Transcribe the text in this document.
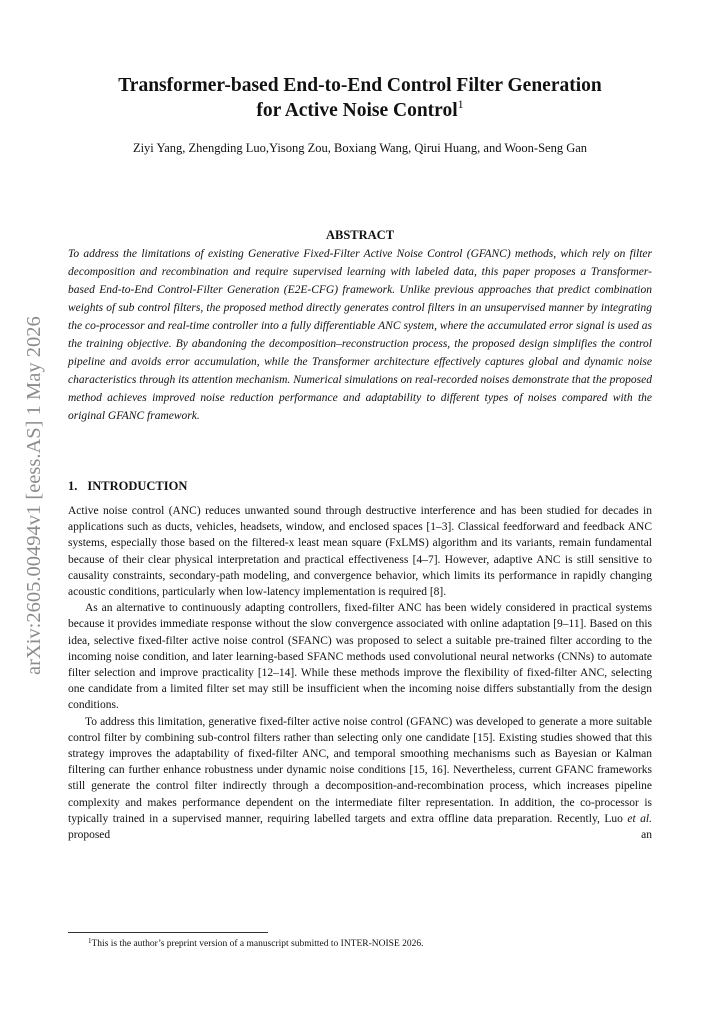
arXiv:2605.00494v1 [eess.AS] 1 May 2026
Transformer-based End-to-End Control Filter Generation
for Active Noise Control$^1$
Ziyi Yang, Zhengding Luo,Yisong Zou, Boxiang Wang, Qirui Huang, and Woon-Seng Gan
ABSTRACT

To address the limitations of existing Generative Fixed-Filter Active Noise Control (GFANC) methods, which rely on filter decomposition and recombination and require supervised learning with labeled data, this paper proposes a Transformer-based End-to-End Control-Filter Generation (E2E-CFG) framework. Unlike previous approaches that predict combination weights of sub control filters, the proposed method directly generates control filters in an unsupervised manner by integrating the co-processor and real-time controller into a fully differentiable ANC system, where the accumulated error signal is used as the training objective. By abandoning the decomposition–reconstruction process, the proposed design simplifies the control pipeline and avoids error accumulation, while the Transformer architecture effectively captures global and dynamic noise characteristics through its attention mechanism. Numerical simulations on real-recorded noises demonstrate that the proposed method achieves improved noise reduction performance and adaptability to different types of noises compared with the original GFANC framework.

1. INTRODUCTION

Active noise control (ANC) reduces unwanted sound through destructive interference and has been studied for decades in applications such as ducts, vehicles, headsets, window, and enclosed spaces [1–3]. Classical feedforward and feedback ANC systems, especially those based on the filtered-x least mean square (FxLMS) algorithm and its variants, remain fundamental because of their clear physical interpretation and practical effectiveness [4–7]. However, adaptive ANC is still sensitive to causality constraints, secondary-path modeling, and convergence behavior, which limits its performance in rapidly changing acoustic conditions, particularly when low-latency implementation is required [8].

As an alternative to continuously adapting controllers, fixed-filter ANC has been widely considered in practical systems because it provides immediate response without the slow convergence associated with online adaptation [9–11]. Based on this idea, selective fixed-filter active noise control (SFANC) was proposed to select a suitable pre-trained filter according to the incoming noise condition, and later learning-based SFANC methods used convolutional neural networks (CNNs) to automate filter selection and improve practicality [12–14]. While these methods improve the flexibility of fixed-filter ANC, selecting one candidate from a limited filter set may still be insufficient when the incoming noise differs substantially from the design conditions.

To address this limitation, generative fixed-filter active noise control (GFANC) was developed to generate a more suitable control filter by combining sub-control filters rather than selecting only one candidate [15]. Existing studies showed that this strategy improves the adaptability of fixed-filter ANC, and temporal smoothing mechanisms such as Bayesian or Kalman filtering can further enhance robustness under dynamic noise conditions [15, 16]. Nevertheless, current GFANC frameworks still generate the control filter indirectly through a decomposition-and-recombination process, which increases pipeline complexity and makes performance dependent on the intermediate filter representation. In addition, the co-processor is typically trained in a supervised manner, requiring labelled targets and extra offline data preparation. Recently, Luo et al. proposed an

$^1$This is the author’s preprint version of a manuscript submitted to INTER-NOISE 2026.
